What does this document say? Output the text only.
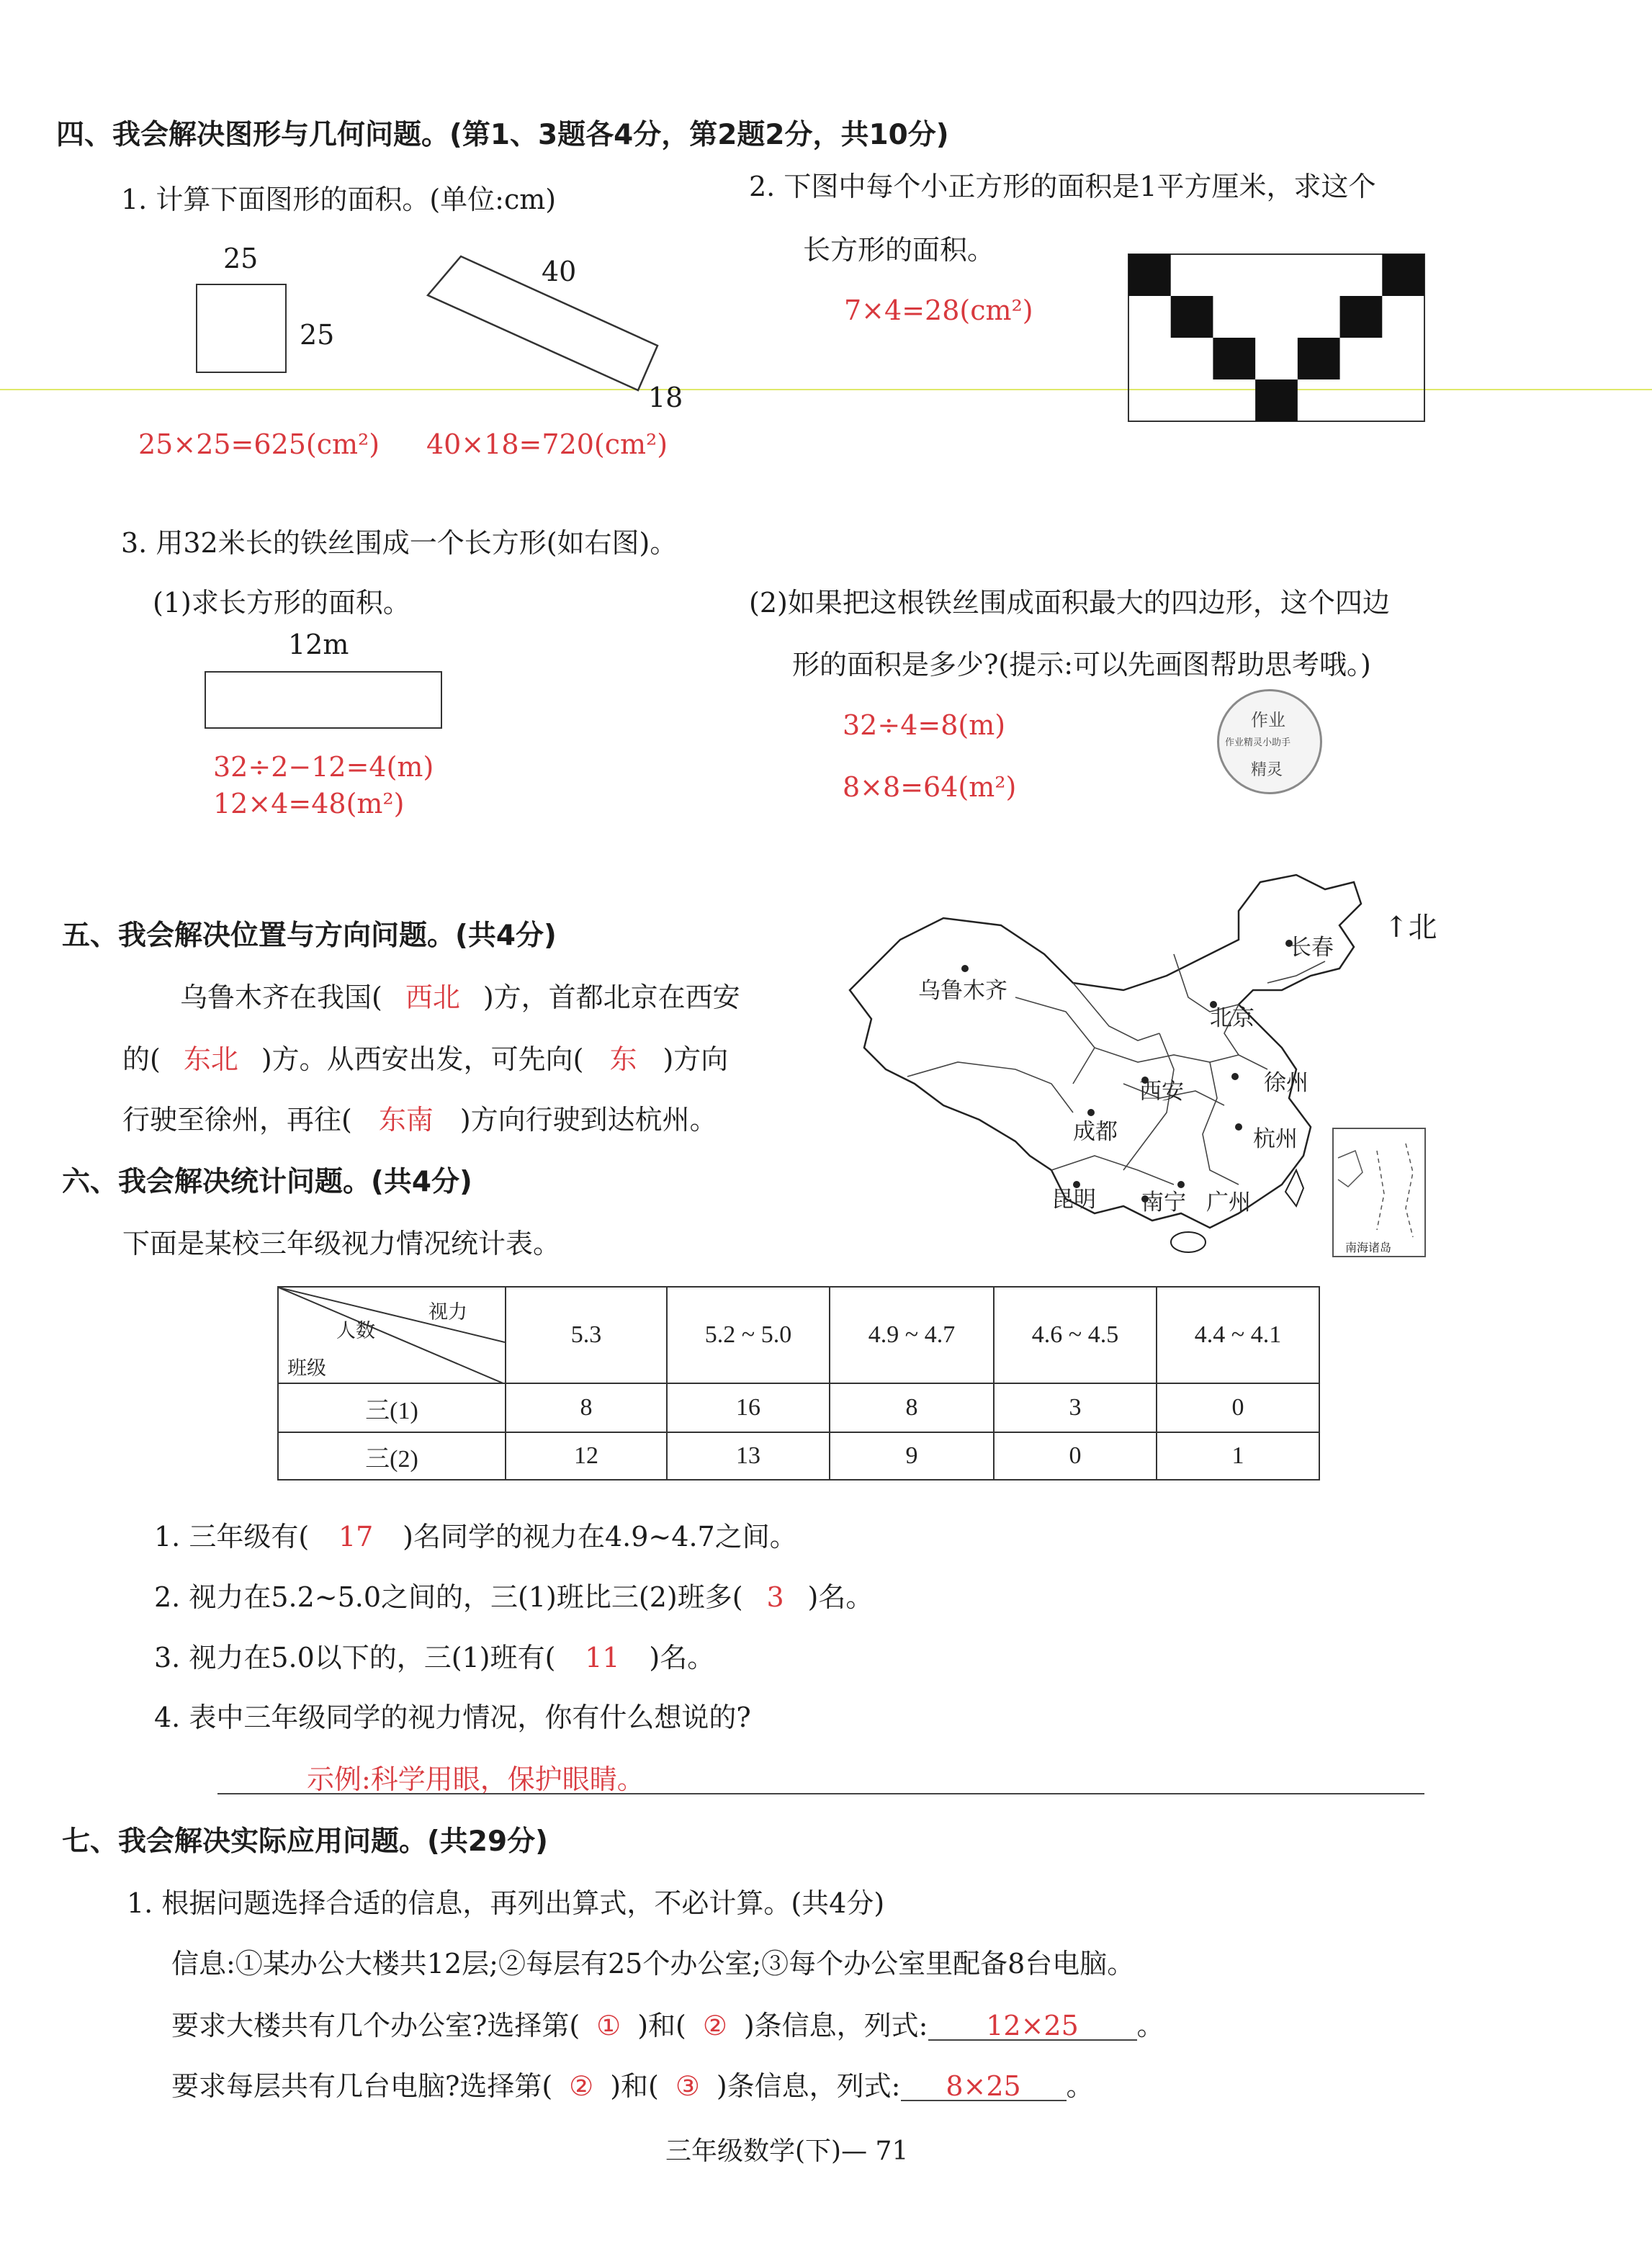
四、我会解决图形与几何问题。(第1、3题各4分，第2题2分，共10分)
1. 计算下面图形的面积。(单位:cm)
25
25
40
18
25×25=625(cm²) 40×18=720(cm²)
2. 下图中每个小正方形的面积是1平方厘米，求这个
长方形的面积。
7×4=28(cm²)
3. 用32米长的铁丝围成一个长方形(如右图)。
(1)求长方形的面积。
12m
32÷2−12=4(m)
12×4=48(m²)
(2)如果把这根铁丝围成面积最大的四边形，这个四边
形的面积是多少?(提示:可以先画图帮助思考哦。)
32÷4=8(m)
8×8=64(m²)
作业
作业精灵小助手
精灵
五、我会解决位置与方向问题。(共4分)
乌鲁木齐在我国( 西北 )方，首都北京在西安
的( 东北 )方。从西安出发，可先向( 东 )方向
行驶至徐州，再往( 东南 )方向行驶到达杭州。
乌鲁木齐
长春
北京
西安	徐州
成都	杭州
昆明 南宁 广州
↑北
南海诸岛
六、我会解决统计问题。(共4分)
下面是某校三年级视力情况统计表。
视力
人数
班级	5.3	5.2 ~ 5.0	4.9 ~ 4.7	4.6 ~ 4.5	4.4 ~ 4.1
三(1)	8	16	8	3	0
三(2)	12	13	9	0	1
1. 三年级有( 17 )名同学的视力在4.9~4.7之间。
2. 视力在5.2~5.0之间的，三(1)班比三(2)班多( 3 )名。
3. 视力在5.0以下的，三(1)班有( 11 )名。
4. 表中三年级同学的视力情况，你有什么想说的?
示例:科学用眼，保护眼睛。
七、我会解决实际应用问题。(共29分)
1. 根据问题选择合适的信息，再列出算式，不必计算。(共4分)
信息:①某办公大楼共12层;②每层有25个办公室;③每个办公室里配备8台电脑。
要求大楼共有几个办公室?选择第( ① )和( ② )条信息，列式: 12×25 。
要求每层共有几台电脑?选择第( ② )和( ③ )条信息，列式: 8×25 。
三年级数学(下)— 71
